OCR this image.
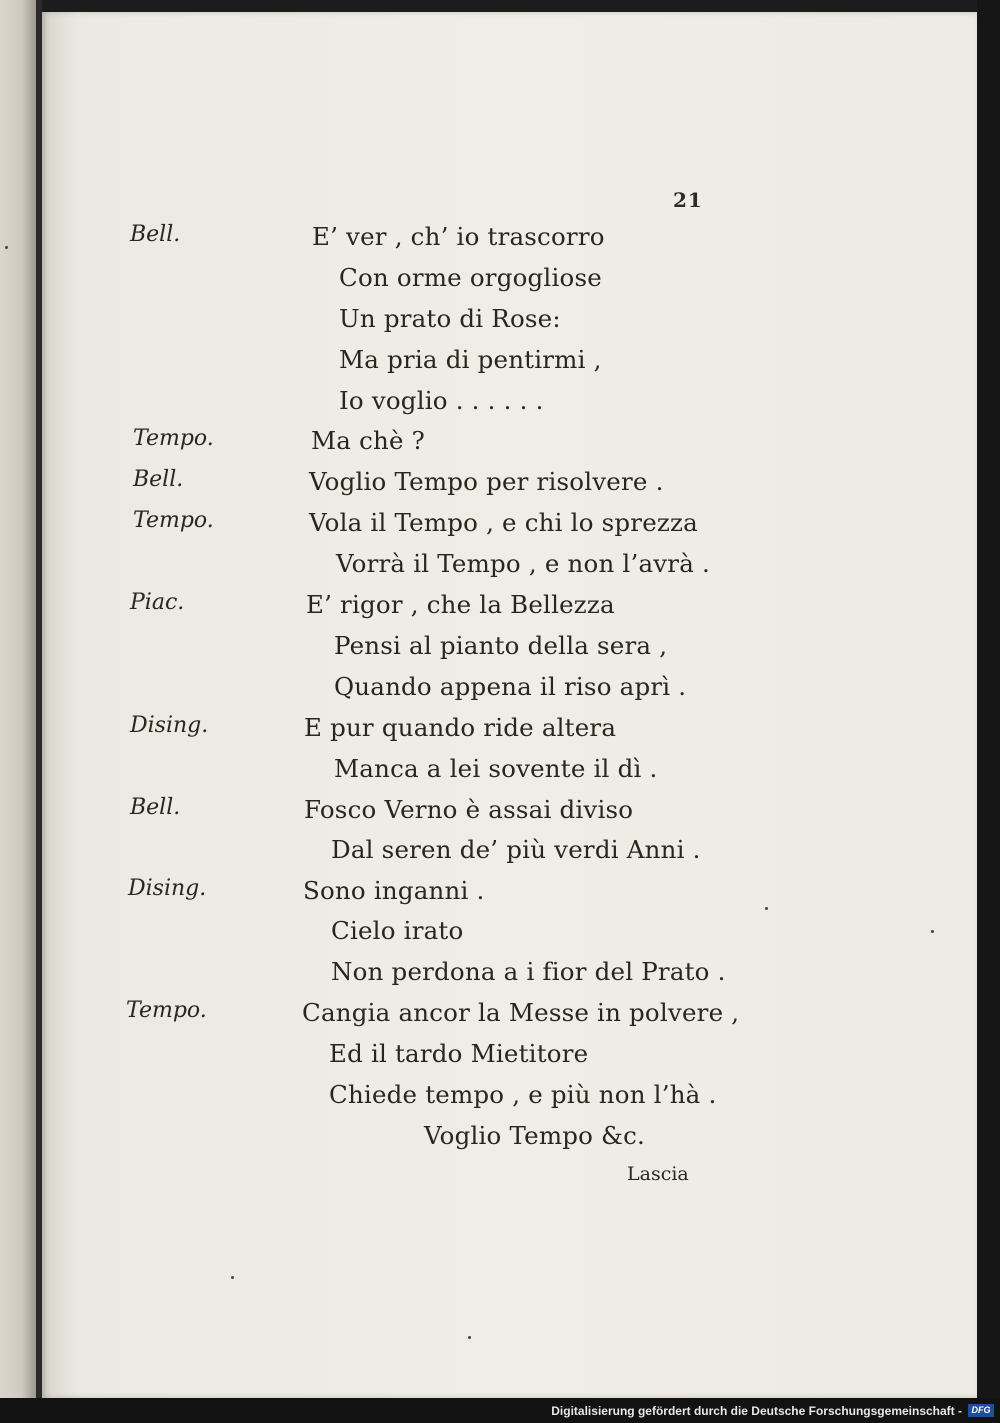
21

Bell.

Tempo.

Bell.

Tempo.

Piac.

Dising.

Bell.

Dising.

Tempo.

E’ ver , ch’ io trascorro

Con orme orgogliose

Un prato di Rose:

Ma pria di pentirmi ,

Io voglio . . . . . .

Ma chè ?

Voglio Tempo per risolvere .

Vola il Tempo , e chi lo sprezza

Vorrà il Tempo , e non l’avrà .

E’ rigor , che la Bellezza

Pensi al pianto della sera ,

Quando appena il riso aprì .

E pur quando ride altera

Manca a lei sovente il dì .

Fosco Verno è assai diviso

Dal seren de’ più verdi Anni .

Sono inganni .

Cielo irato

Non perdona a i fior del Prato .

Cangia ancor la Messe in polvere ,

Ed il tardo Mietitore

Chiede tempo , e più non l’hà .

Voglio Tempo &c.

Lascia
Digitalisierung gefördert durch die Deutsche Forschungsgemeinschaft -	DFG
